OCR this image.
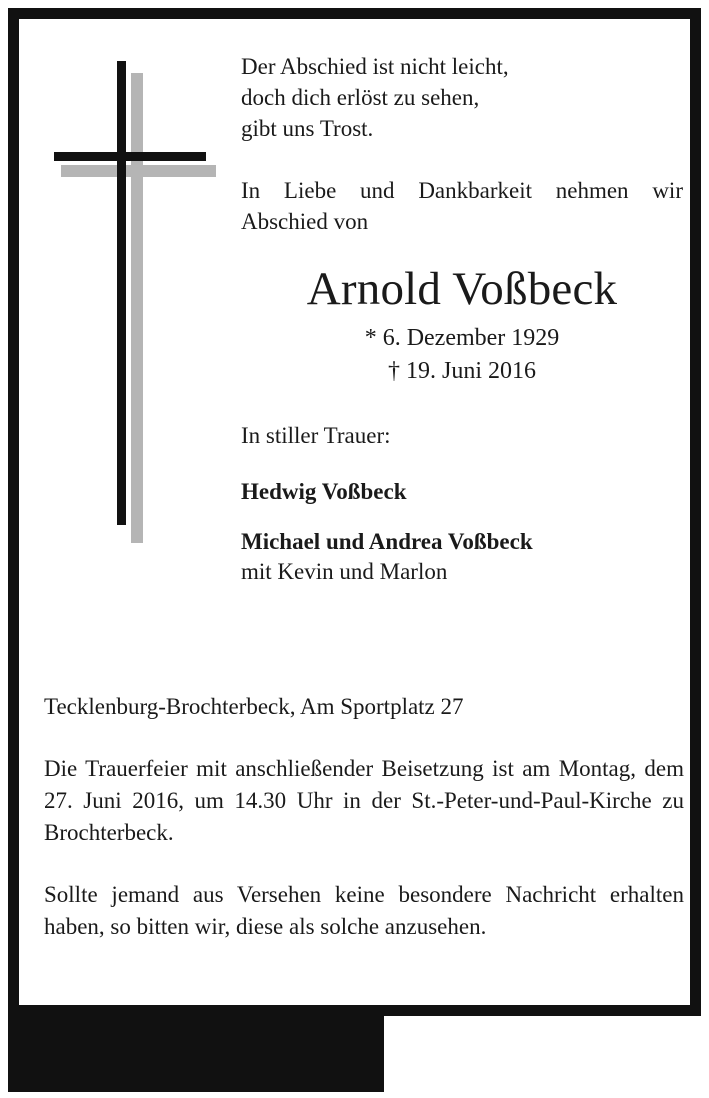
Der Abschied ist nicht leicht,

doch dich erlöst zu sehen,

gibt uns Trost.

In Liebe und Dankbarkeit nehmen wir Abschied von

Arnold Voßbeck
* 6. Dezember 1929
† 19. Juni 2016
In stiller Trauer:
Hedwig Voßbeck
Michael und Andrea Voßbeck
mit Kevin und Marlon

Tecklenburg-Brochterbeck, Am Sportplatz 27

Die Trauerfeier mit anschließender Beisetzung ist am Montag, dem 27. Juni 2016, um 14.30 Uhr in der St.-Peter-und-Paul-Kirche zu Brochterbeck.

Sollte jemand aus Versehen keine besondere Nachricht erhalten haben, so bitten wir, diese als solche anzusehen.
